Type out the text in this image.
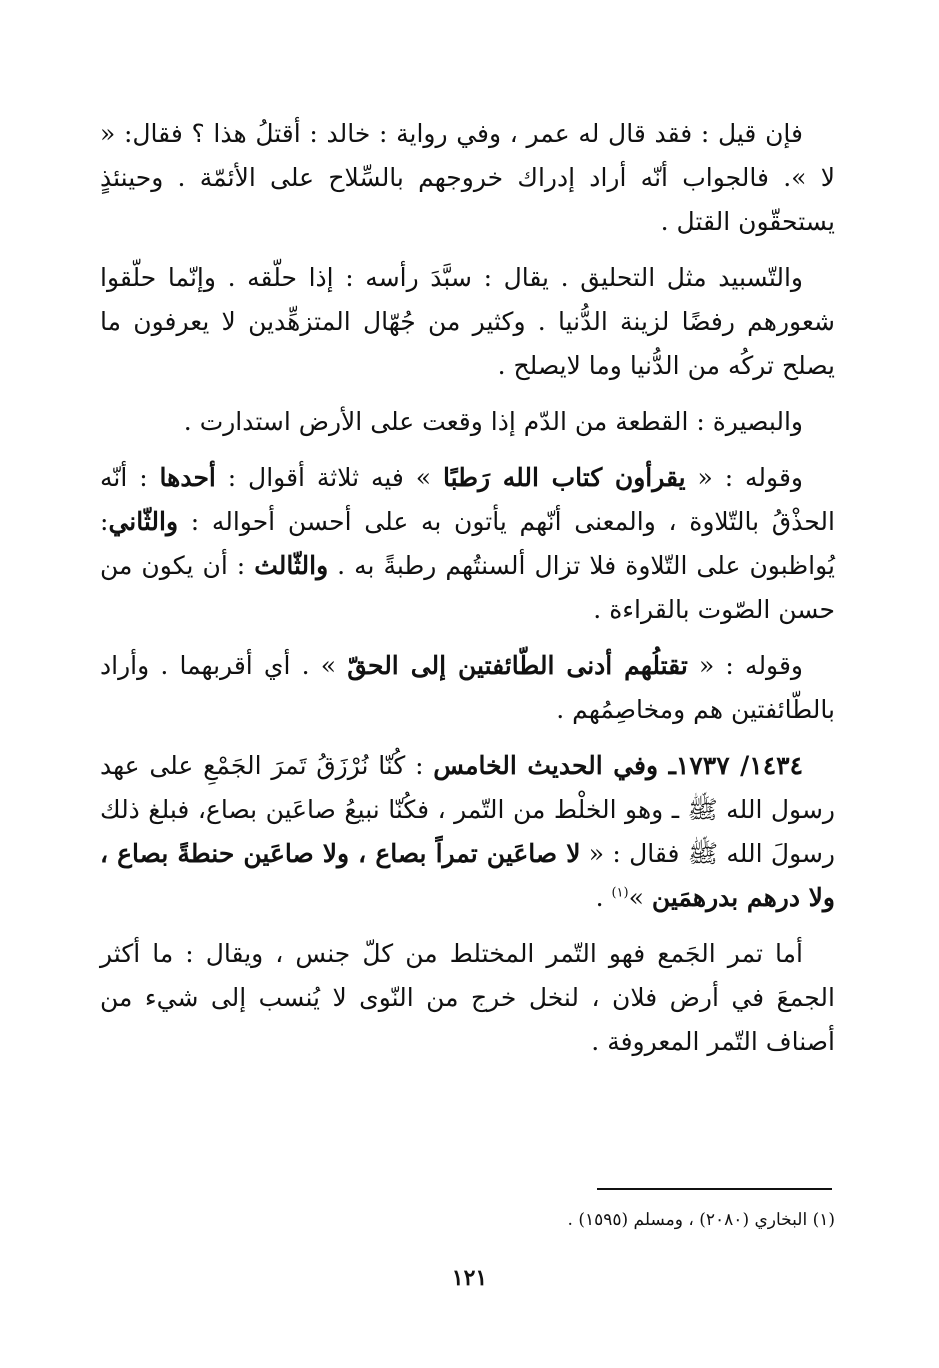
فإن قيل : فقد قال له عمر ، وفي رواية : خالد : أقتلُ هذا ؟ فقال: « لا ». فالجواب أنّه أراد إدراك خروجهم بالسِّلاح على الأئمّة . وحينئذٍ يستحقّون القتل .

والتّسبيد مثل التحليق . يقال : سبَّدَ رأسه : إذا حلّقه . وإنّما حلّقوا شعورهم رفضًا لزينة الدُّنيا . وكثير من جُهّال المتزهِّدين لا يعرفون ما يصلح تركُه من الدُّنيا وما لايصلح .

والبصيرة : القطعة من الدّم إذا وقعت على الأرض استدارت .

وقوله : « يقرأون كتاب الله رَطبًا » فيه ثلاثة أقوال : أحدها : أنّه الحذْقُ بالتّلاوة ، والمعنى أنّهم يأتون به على أحسن أحواله : والثّاني: يُواظبون على التّلاوة فلا تزال ألسنتُهم رطبةً به . والثّالث : أن يكون من حسن الصّوت بالقراءة .

وقوله : « تقتلُهم أدنى الطّائفتين إلى الحقّ » . أي أقربهما . وأراد بالطّائفتين هم ومخاصِمُهم .

١٤٣٤/ ١٧٣٧ـ وفي الحديث الخامس : كُنّا نُرْزَقُ تَمرَ الجَمْعِ على عهد رسول الله ﷺ ـ وهو الخلْط من التّمر ، فكُنّا نبيعُ صاعَين بصاع، فبلغ ذلك رسولَ الله ﷺ فقال : « لا صاعَين تمراً بصاع ، ولا صاعَين حنطةً بصاع ، ولا درهم بدرهمَين »$^{(١)}$ .

أما تمر الجَمع فهو التّمر المختلط من كلّ جنس ، ويقال : ما أكثر الجمعَ في أرض فلان ، لنخل خرج من النّوى لا يُنسب إلى شيء من أصناف التّمر المعروفة .

(١) البخاري (٢٠٨٠) ، ومسلم (١٥٩٥) .
١٢١
